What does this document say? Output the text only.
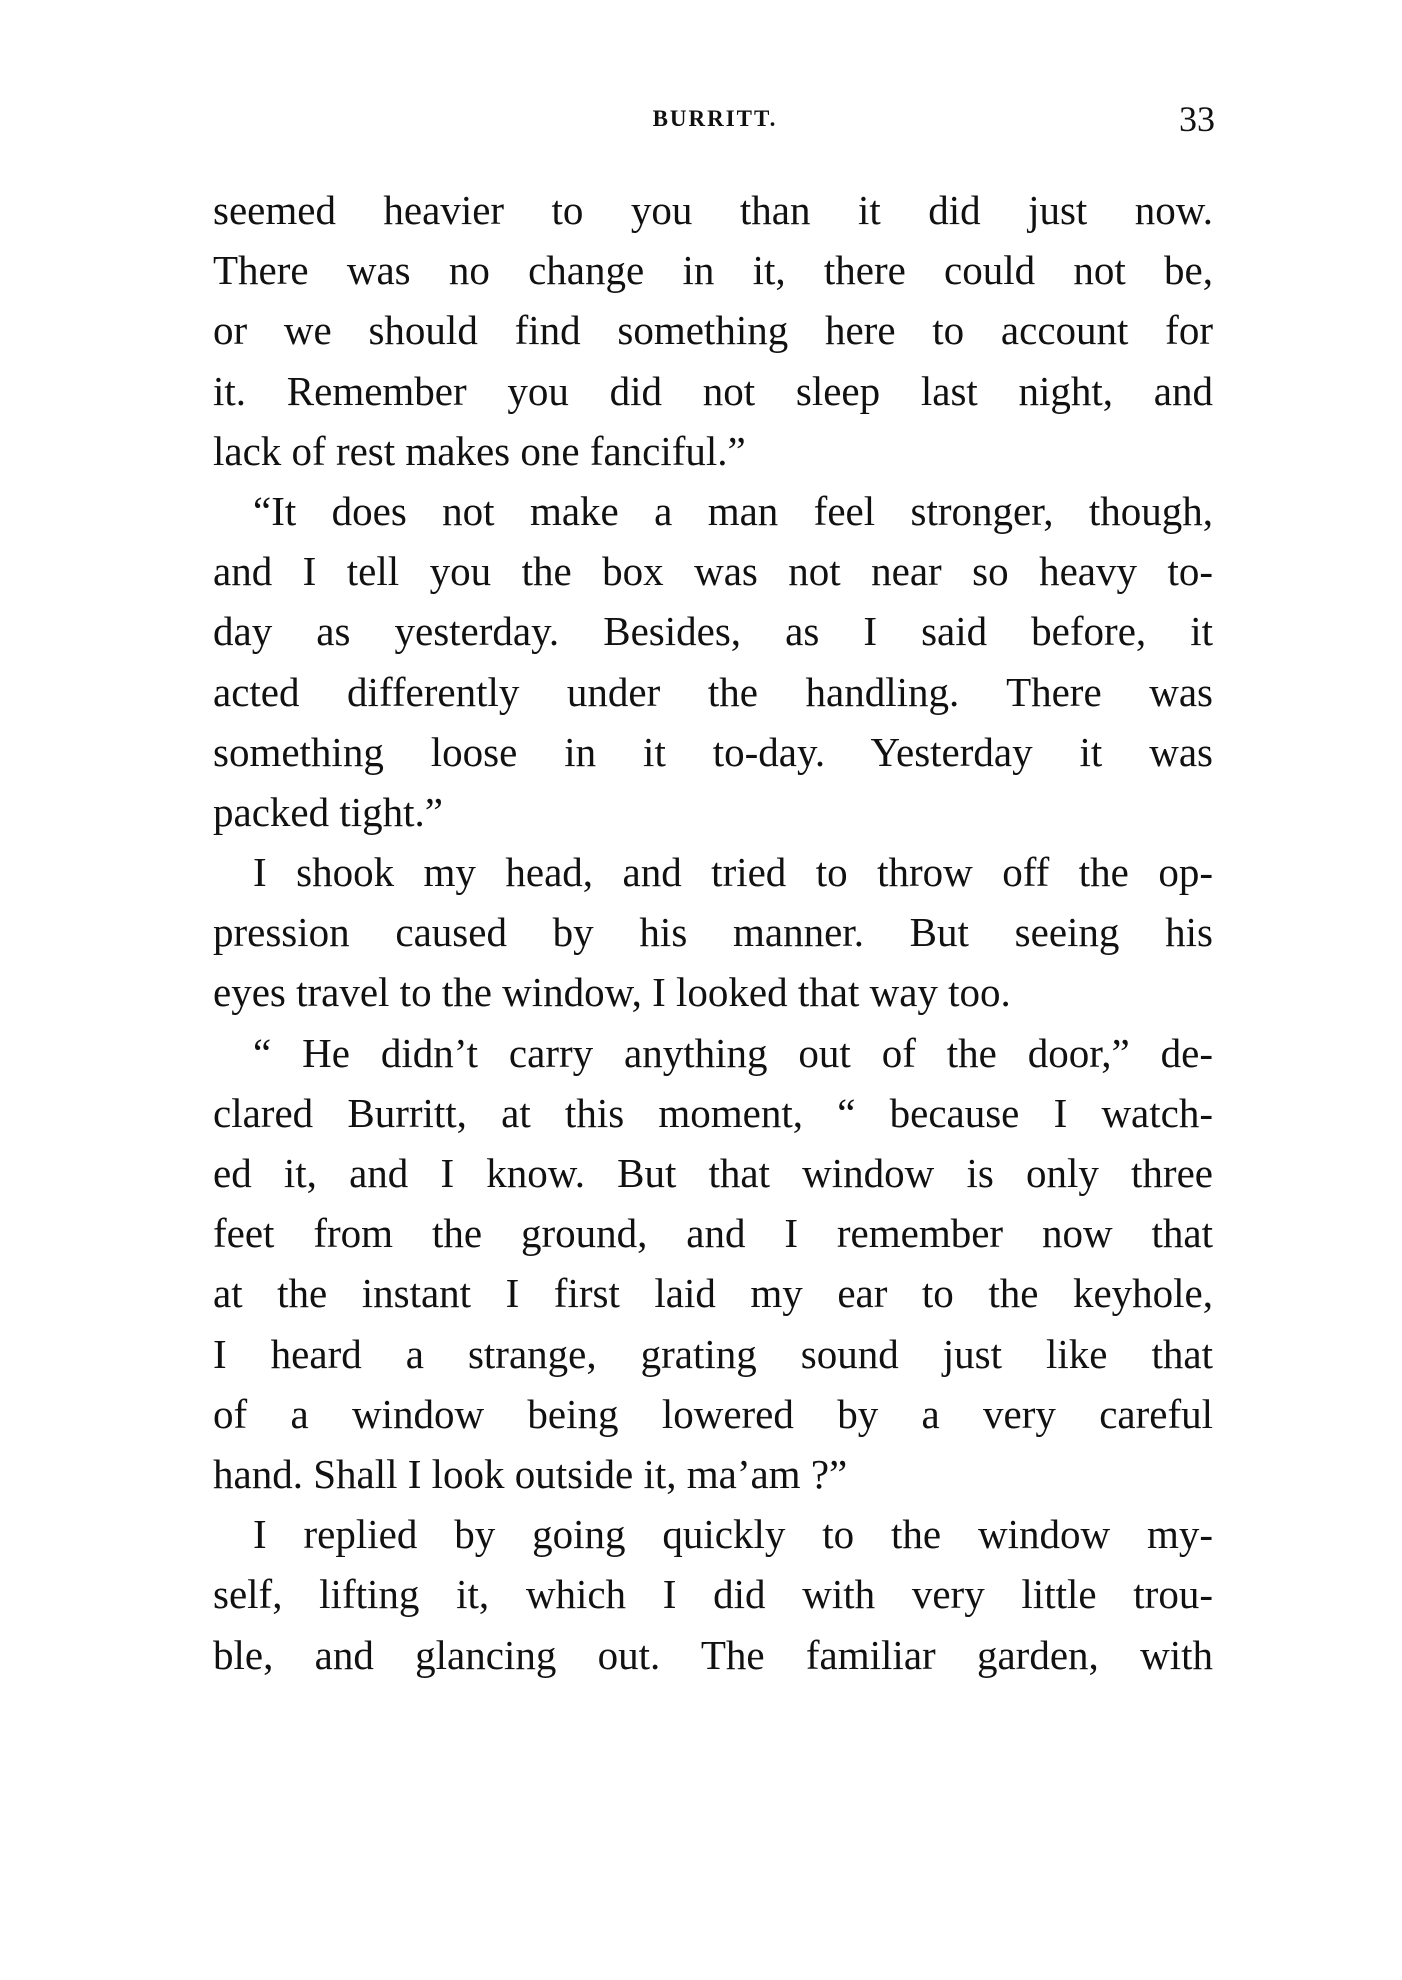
BURRITT.	33
seemed heavier to you than it did just now.
There was no change in it, there could not be,
or we should find something here to account for
it. Remember you did not sleep last night, and
lack of rest makes one fanciful.”
“It does not make a man feel stronger, though,
and I tell you the box was not near so heavy to-
day as yesterday. Besides, as I said before, it
acted differently under the handling. There was
something loose in it to-day. Yesterday it was
packed tight.”
I shook my head, and tried to throw off the op-
pression caused by his manner. But seeing his
eyes travel to the window, I looked that way too.
“ He didn’t carry anything out of the door,” de-
clared Burritt, at this moment, “ because I watch-
ed it, and I know. But that window is only three
feet from the ground, and I remember now that
at the instant I first laid my ear to the keyhole,
I heard a strange, grating sound just like that
of a window being lowered by a very careful
hand. Shall I look outside it, ma’am ?”
I replied by going quickly to the window my-
self, lifting it, which I did with very little trou-
ble, and glancing out. The familiar garden, with
